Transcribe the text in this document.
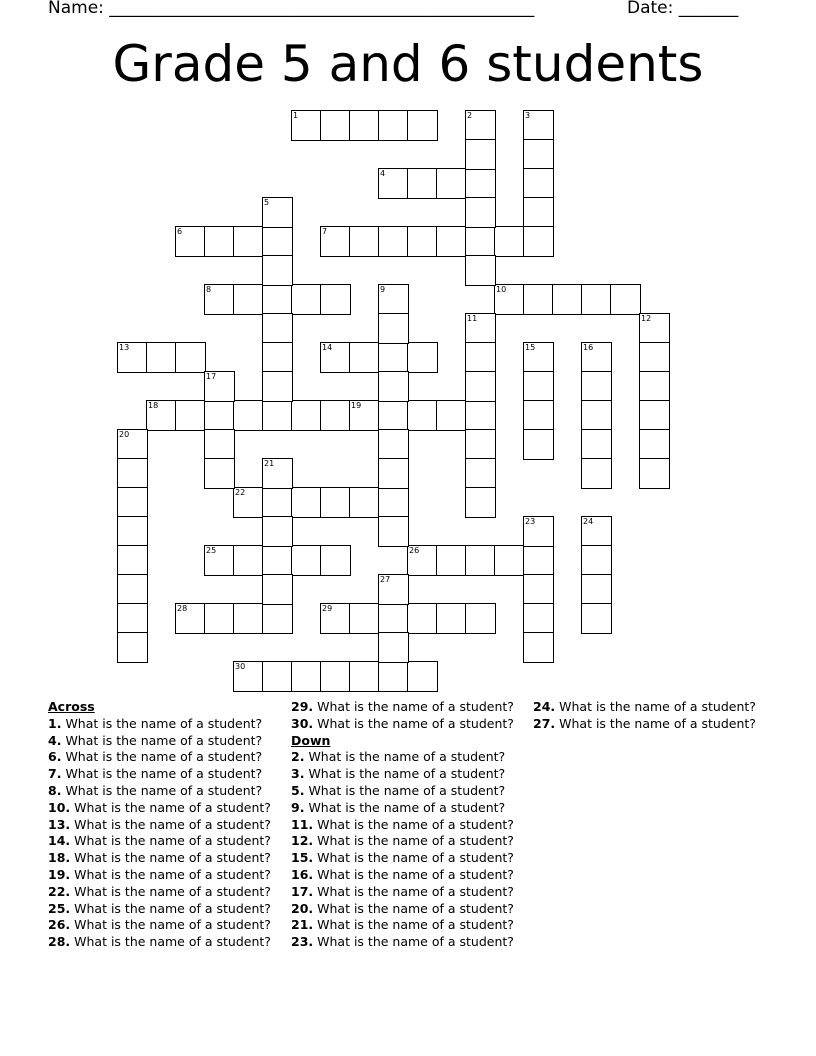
Name: __________________________________________________	Date: _______
Grade 5 and 6 students
1
4
6	7
8	10
13	14
18	19
22
25	26
28	29
30
2	3
5
9
11	12
15	16
17
20
21
23	24
27
Across
1. What is the name of a student?
4. What is the name of a student?
6. What is the name of a student?
7. What is the name of a student?
8. What is the name of a student?
10. What is the name of a student?
13. What is the name of a student?
14. What is the name of a student?
18. What is the name of a student?
19. What is the name of a student?
22. What is the name of a student?
25. What is the name of a student?
26. What is the name of a student?
28. What is the name of a student?
29. What is the name of a student?
30. What is the name of a student?
Down
2. What is the name of a student?
3. What is the name of a student?
5. What is the name of a student?
9. What is the name of a student?
11. What is the name of a student?
12. What is the name of a student?
15. What is the name of a student?
16. What is the name of a student?
17. What is the name of a student?
20. What is the name of a student?
21. What is the name of a student?
23. What is the name of a student?
24. What is the name of a student?
27. What is the name of a student?
